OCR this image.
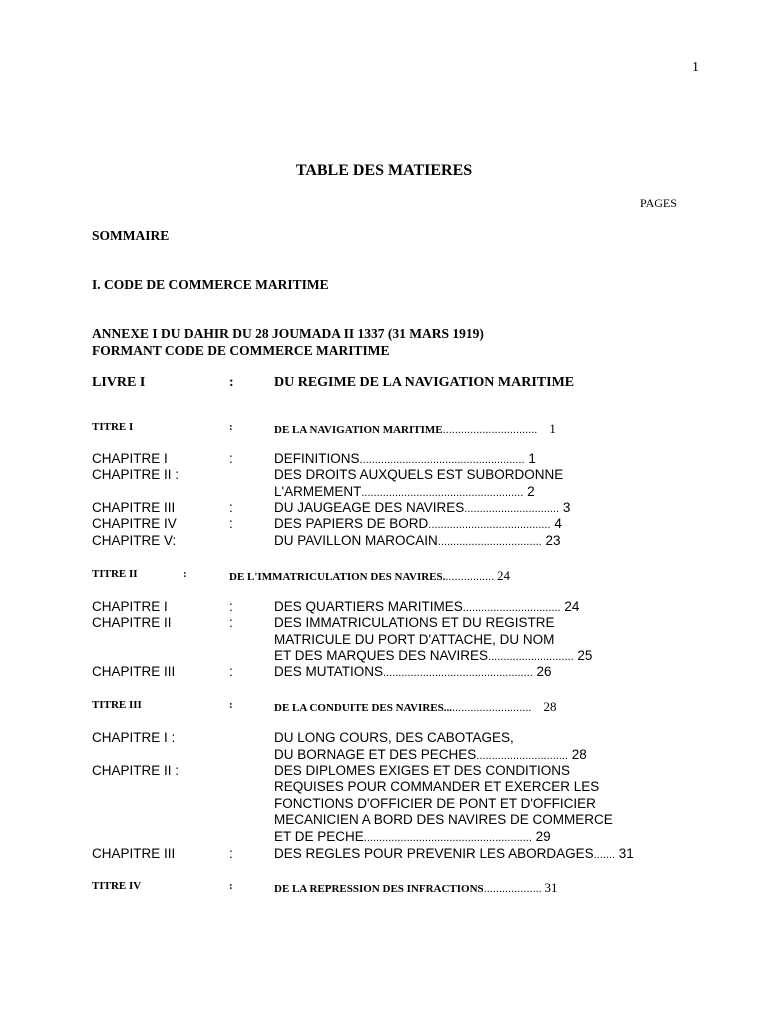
1
TABLE DES MATIERES
PAGES
SOMMAIRE
I. CODE DE COMMERCE MARITIME
ANNEXE I DU DAHIR DU 28 JOUMADA II 1337 (31 MARS 1919)
FORMANT CODE DE COMMERCE MARITIME
LIVRE I	:	DU REGIME DE LA NAVIGATION MARITIME
TITRE I	:	DE LA NAVIGATION MARITIME............................... 1
CHAPITRE I	:	DEFINITIONS...................................................... 1
CHAPITRE II :	DES DROITS AUXQUELS EST SUBORDONNE
L'ARMEMENT..................................................... 2
CHAPITRE III	:	DU JAUGEAGE DES NAVIRES............................... 3
CHAPITRE IV	:	DES PAPIERS DE BORD........................................ 4
CHAPITRE V:	DU PAVILLON MAROCAIN.................................. 23
TITRE II	:	DE L'IMMATRICULATION DES NAVIRES................. 24
CHAPITRE I	:	DES QUARTIERS MARITIMES................................ 24
CHAPITRE II	:	DES IMMATRICULATIONS ET DU REGISTRE
MATRICULE DU PORT D'ATTACHE, DU NOM
ET DES MARQUES DES NAVIRES............................ 25
CHAPITRE III	:	DES MUTATIONS................................................. 26
TITRE III	:	DE LA CONDUITE DES NAVIRES............................. 28
CHAPITRE I :	DU LONG COURS, DES CABOTAGES,
DU BORNAGE ET DES PECHES.............................. 28
CHAPITRE II :	DES DIPLOMES EXIGES ET DES CONDITIONS
REQUISES POUR COMMANDER ET EXERCER LES
FONCTIONS D'OFFICIER DE PONT ET D'OFFICIER
MECANICIEN A BORD DES NAVIRES DE COMMERCE
ET DE PECHE....................................................... 29
CHAPITRE III	:	DES REGLES POUR PREVENIR LES ABORDAGES....... 31
TITRE IV	:	DE LA REPRESSION DES INFRACTIONS................... 31
